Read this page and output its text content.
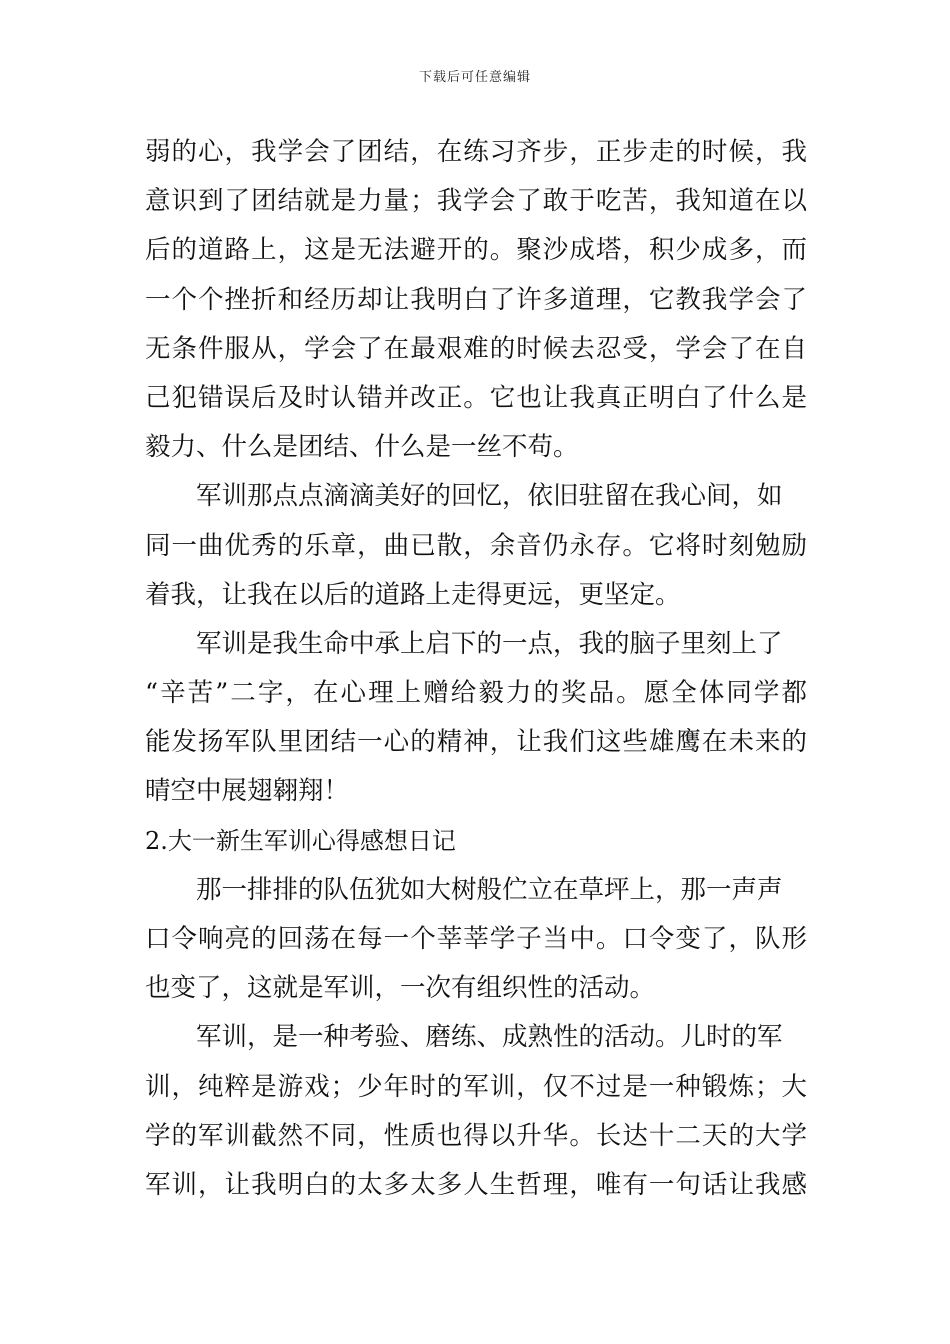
下载后可任意编辑
弱的心，我学会了团结，在练习齐步，正步走的时候，我
意识到了团结就是力量；我学会了敢于吃苦，我知道在以
后的道路上，这是无法避开的。聚沙成塔，积少成多，而
一个个挫折和经历却让我明白了许多道理，它教我学会了
无条件服从，学会了在最艰难的时候去忍受，学会了在自
己犯错误后及时认错并改正。它也让我真正明白了什么是
毅力、什么是团结、什么是一丝不苟。
军训那点点滴滴美好的回忆，依旧驻留在我心间，如
同一曲优秀的乐章，曲已散，余音仍永存。它将时刻勉励
着我，让我在以后的道路上走得更远，更坚定。
军训是我生命中承上启下的一点，我的脑子里刻上了
“辛苦”二字，在心理上赠给毅力的奖品。愿全体同学都
能发扬军队里团结一心的精神，让我们这些雄鹰在未来的
晴空中展翅翱翔！
2.大一新生军训心得感想日记
那一排排的队伍犹如大树般伫立在草坪上，那一声声
口令响亮的回荡在每一个莘莘学子当中。口令变了，队形
也变了，这就是军训，一次有组织性的活动。
军训，是一种考验、磨练、成熟性的活动。儿时的军
训，纯粹是游戏；少年时的军训，仅不过是一种锻炼；大
学的军训截然不同，性质也得以升华。长达十二天的大学
军训，让我明白的太多太多人生哲理，唯有一句话让我感
